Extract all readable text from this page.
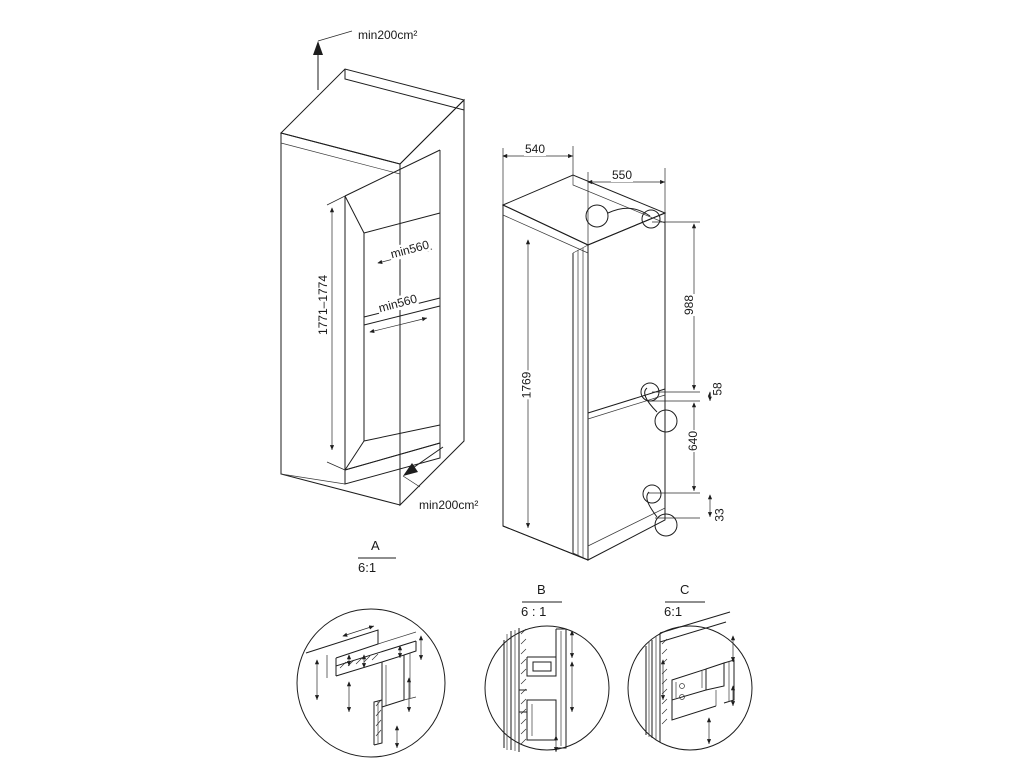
min200cm²
min200cm²
1771–1774
min560
min560
540
550
1769
988
58
640
33
A
6:1
B
6 : 1
C
6:1
